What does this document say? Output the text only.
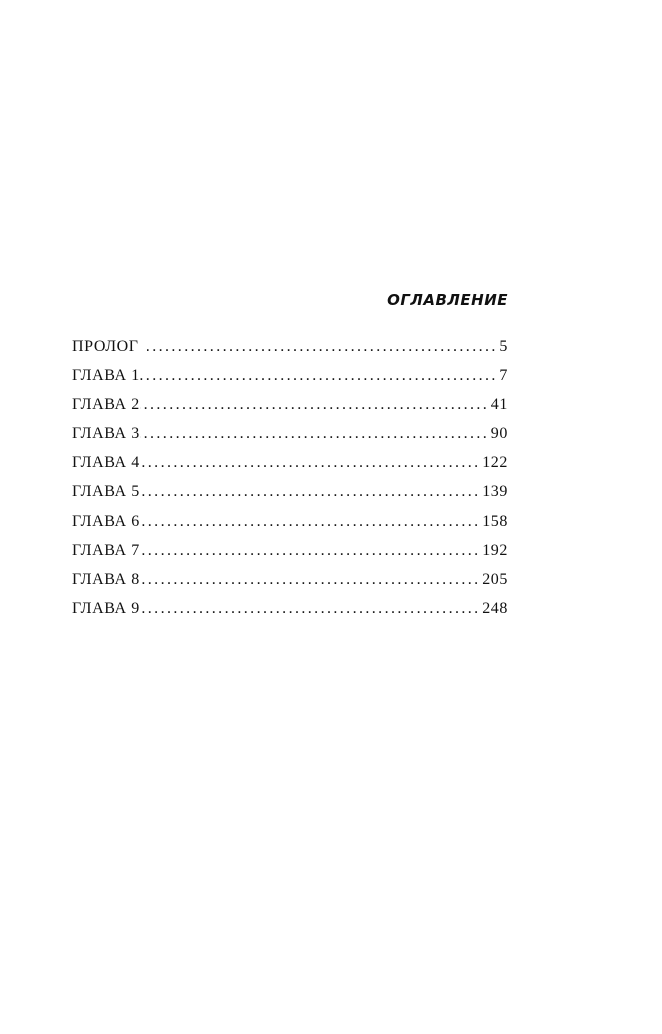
ОГЛАВЛЕНИЕ
ПРОЛОГ . . .	5
ГЛАВА 1 . . .	7
ГЛАВА 2 . . .	41
ГЛАВА 3 . . .	90
ГЛАВА 4 . . .	122
ГЛАВА 5 . . .	139
ГЛАВА 6 . . .	158
ГЛАВА 7 . . .	192
ГЛАВА 8 . . .	205
ГЛАВА 9 . . .	248
